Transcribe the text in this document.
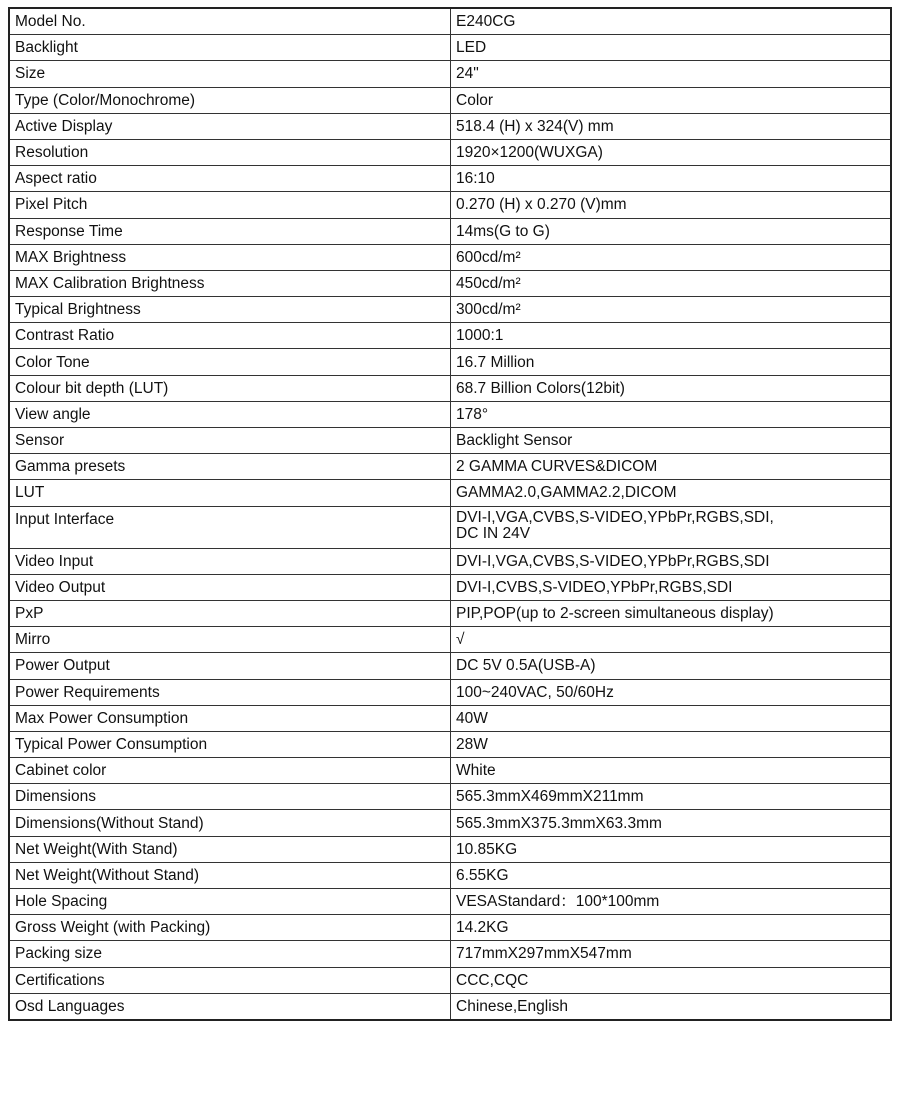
Model No.	E240CG
Backlight	LED
Size	24"
Type (Color/Monochrome)	Color
Active Display	518.4 (H) x 324(V) mm
Resolution	1920×1200(WUXGA)
Aspect ratio	16:10
Pixel Pitch	0.270 (H) x 0.270 (V)mm
Response Time	14ms(G to G)
MAX Brightness	600cd/m²
MAX Calibration Brightness	450cd/m²
Typical Brightness	300cd/m²
Contrast Ratio	1000:1
Color Tone	16.7 Million
Colour bit depth (LUT)	68.7 Billion Colors(12bit)
View angle	178°
Sensor	Backlight Sensor
Gamma presets	2 GAMMA CURVES&DICOM
LUT	GAMMA2.0,GAMMA2.2,DICOM
Input Interface	DVI-I,VGA,CVBS,S-VIDEO,YPbPr,RGBS,SDI,
DC IN 24V

Video Input	DVI-I,VGA,CVBS,S-VIDEO,YPbPr,RGBS,SDI
Video Output	DVI-I,CVBS,S-VIDEO,YPbPr,RGBS,SDI
PxP	PIP,POP(up to 2-screen simultaneous display)
Mirro	√
Power Output	DC 5V 0.5A(USB-A)
Power Requirements	100~240VAC, 50/60Hz
Max Power Consumption	40W
Typical Power Consumption	28W
Cabinet color	White
Dimensions	565.3mmX469mmX211mm
Dimensions(Without Stand)	565.3mmX375.3mmX63.3mm
Net Weight(With Stand)	10.85KG
Net Weight(Without Stand)	6.55KG
Hole Spacing	VESAStandard：100*100mm
Gross Weight (with Packing)	14.2KG
Packing size	717mmX297mmX547mm
Certifications	CCC,CQC
Osd Languages	Chinese,English
